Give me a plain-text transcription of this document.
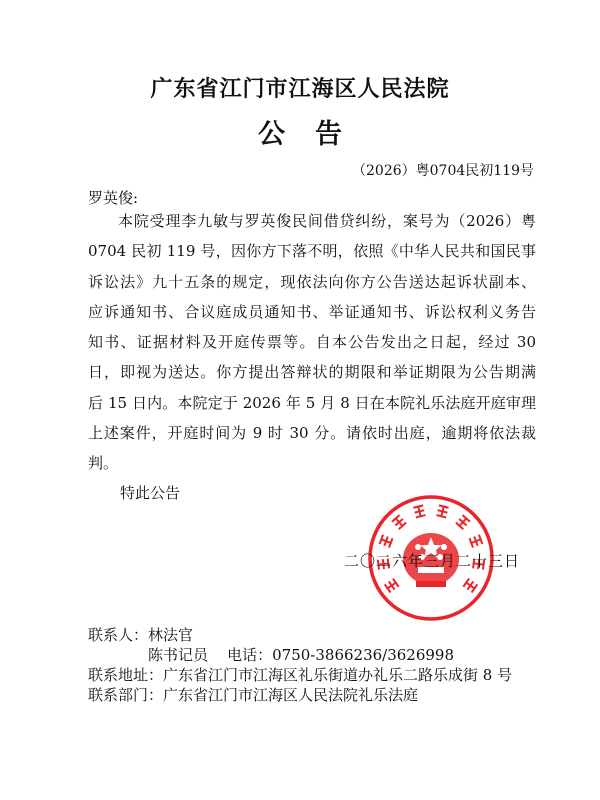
广东省江门市江海区人民法院
公告
（2026）粤0704民初119号
罗英俊:
本院受理李九敏与罗英俊民间借贷纠纷，案号为（2026）粤
0704 民初 119 号，因你方下落不明，依照《中华人民共和国民事
诉讼法》九十五条的规定，现依法向你方公告送达起诉状副本、
应诉通知书、合议庭成员通知书、举证通知书、诉讼权利义务告
知书、证据材料及开庭传票等。自本公告发出之日起，经过 30
日，即视为送达。你方提出答辩状的期限和举证期限为公告期满
后 15 日内。本院定于 2026 年 5 月 8 日在本院礼乐法庭开庭审理
上述案件，开庭时间为 9 时 30 分。请依时出庭，逾期将依法裁
判。
特此公告
二〇二六年三月二十三日
联系人：林法官
陈书记员 电话：0750-3866236/3626998
联系地址：广东省江门市江海区礼乐街道办礼乐二路乐成街 8 号
联系部门：广东省江门市江海区人民法院礼乐法庭
